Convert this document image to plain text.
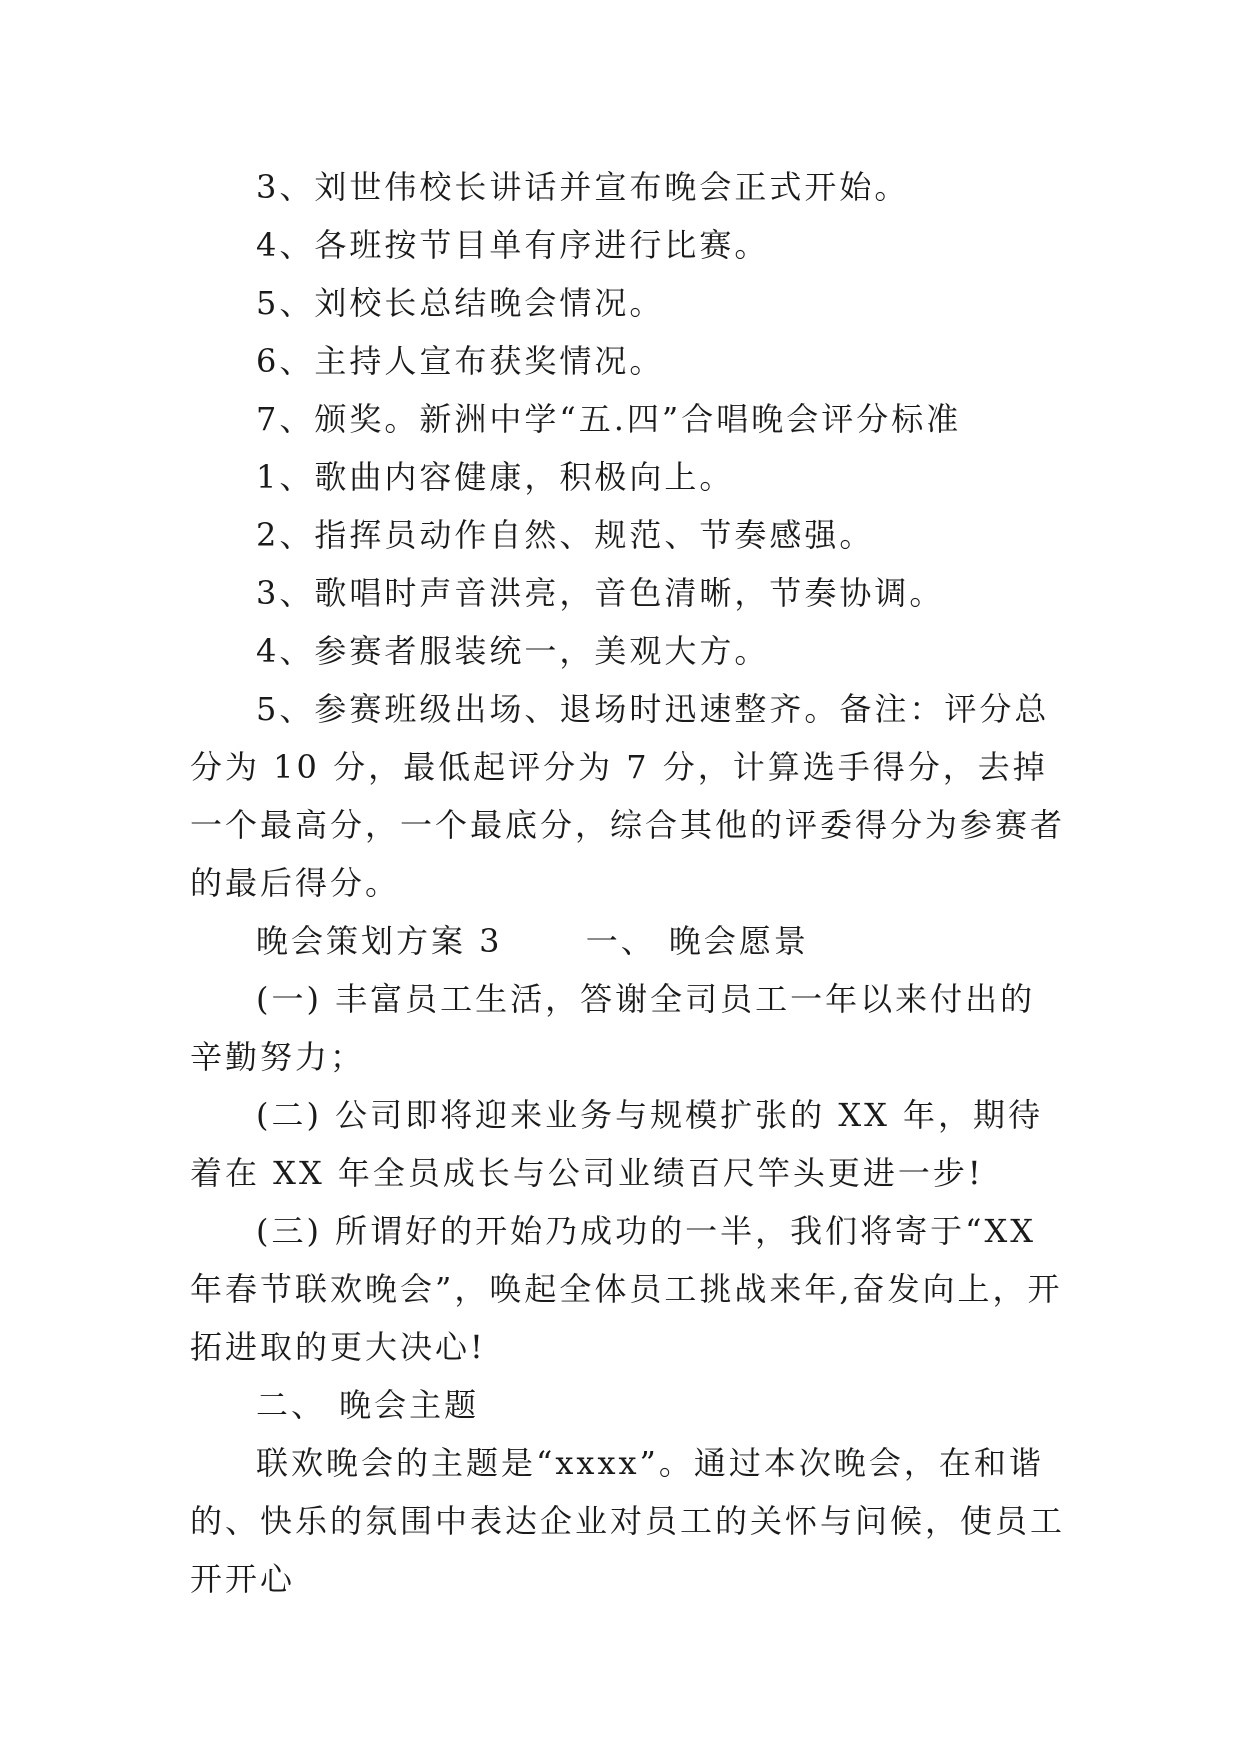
3、刘世伟校长讲话并宣布晚会正式开始。

4、各班按节目单有序进行比赛。

5、刘校长总结晚会情况。

6、主持人宣布获奖情况。

7、颁奖。新洲中学“五.四”合唱晚会评分标准

1、歌曲内容健康，积极向上。

2、指挥员动作自然、规范、节奏感强。

3、歌唱时声音洪亮，音色清晰，节奏协调。

4、参赛者服装统一，美观大方。

5、参赛班级出场、退场时迅速整齐。备注：评分总分为 10 分，最低起评分为 7 分，计算选手得分，去掉一个最高分，一个最底分，综合其他的评委得分为参赛者的最后得分。

晚会策划方案 3　　 一、 晚会愿景

(一) 丰富员工生活，答谢全司员工一年以来付出的辛勤努力；

(二) 公司即将迎来业务与规模扩张的 XX 年，期待着在 XX 年全员成长与公司业绩百尺竿头更进一步!

(三) 所谓好的开始乃成功的一半，我们将寄于“XX 年春节联欢晚会”，唤起全体员工挑战来年,奋发向上，开拓进取的更大决心!

二、 晚会主题

联欢晚会的主题是“xxxx”。通过本次晚会，在和谐的、快乐的氛围中表达企业对员工的关怀与问候，使员工开开心
